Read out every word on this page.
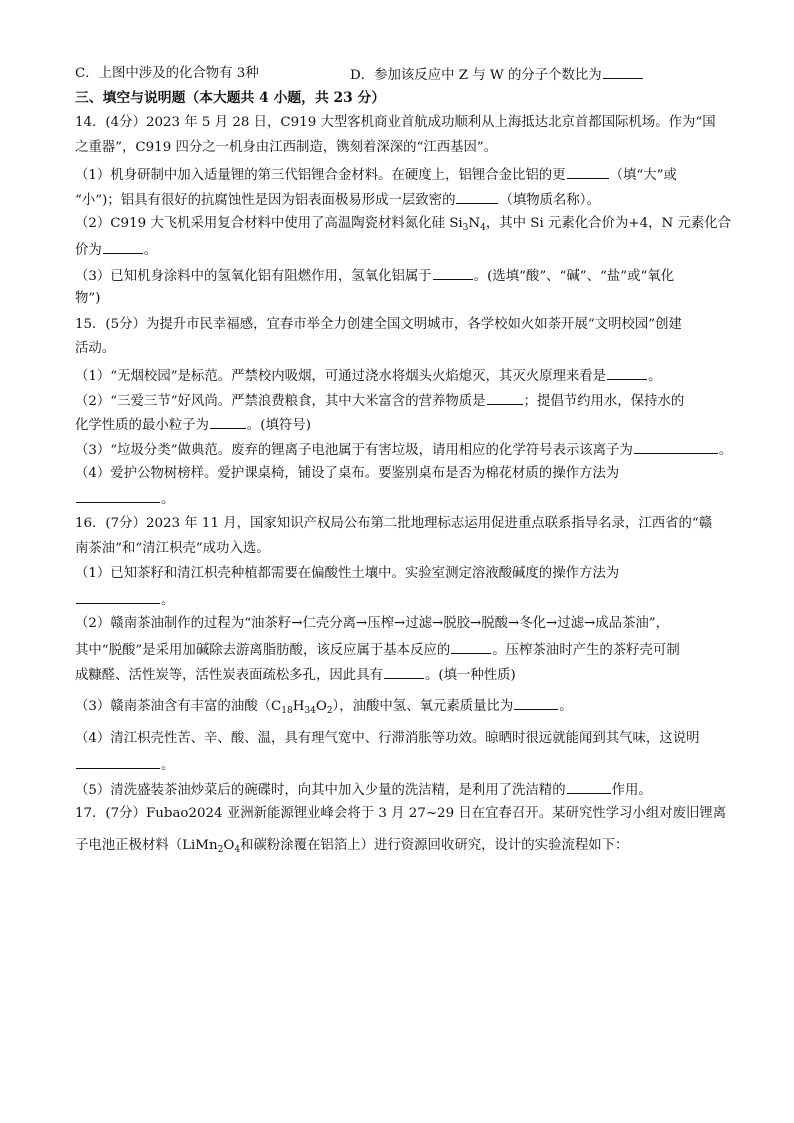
C．上图中涉及的化合物有 3种	D．参加该反应中 Z 与 W 的分子个数比为
三、填空与说明题（本大题共 4 小题，共 23 分）
14．(4分）2023 年 5 月 28 日，C919 大型客机商业首航成功顺利从上海抵达北京首都国际机场。作为“国
之重器”，C919 四分之一机身由江西制造，镌刻着深深的“江西基因”。
（1）机身研制中加入适量锂的第三代铝锂合金材料。在硬度上，铝锂合金比铝的更	（填“大”或
“小”)；铝具有很好的抗腐蚀性是因为铝表面极易形成一层致密的	（填物质名称）。
（2）C919 大飞机采用复合材料中使用了高温陶瓷材料氮化硅 $Si_3N_4$，其中 Si 元素化合价为+4，N 元素化合
价为	。
（3）已知机身涂料中的氢氧化铝有阻燃作用，氢氧化铝属于	。(选填“酸”、“碱”、“盐”或“氧化
物”)
15．(5分）为提升市民幸福感，宜春市举全力创建全国文明城市，各学校如火如荼开展“文明校园”创建
活动。
（1）“无烟校园”是标范。严禁校内吸烟，可通过浇水将烟头火焰熄灭，其灭火原理来看是	。
（2）“三爱三节”好风尚。严禁浪费粮食，其中大米富含的营养物质是	；提倡节约用水，保持水的
化学性质的最小粒子为	。(填符号)
（3）“垃圾分类”做典范。废弃的锂离子电池属于有害垃圾，请用相应的化学符号表示该离子为	。
（4）爱护公物树榜样。爱护课桌椅，铺设了桌布。要鉴别桌布是否为棉花材质的操作方法为
。
16．(7分）2023 年 11 月，国家知识产权局公布第二批地理标志运用促进重点联系指导名录，江西省的“赣
南茶油”和“清江枳壳”成功入选。
（1）已知茶籽和清江枳壳种植都需要在偏酸性土壤中。实验室测定溶液酸碱度的操作方法为
。
（2）赣南茶油制作的过程为“油茶籽→仁壳分离→压榨→过滤→脱胶→脱酸→冬化→过滤→成品茶油”，
其中“脱酸”是采用加碱除去游离脂肪酸，该反应属于基本反应的	。压榨茶油时产生的茶籽壳可制
成糠醛、活性炭等，活性炭表面疏松多孔，因此具有	。(填一种性质)
（3）赣南茶油含有丰富的油酸$(C_{18}H_{34}O_2)$，油酸中氢、氧元素质量比为	。
（4）清江枳壳性苦、辛、酸、温，具有理气宽中、行滞消胀等功效。晾晒时很远就能闻到其气味，这说明
。
（5）清洗盛装茶油炒菜后的碗碟时，向其中加入少量的洗洁精，是利用了洗洁精的	作用。
17．(7分）Fubao2024 亚洲新能源锂业峰会将于 3 月 27~29 日在宜春召开。某研究性学习小组对废旧锂离
子电池正极材料（$LiMn_2O_4$和碳粉涂覆在铝箔上）进行资源回收研究，设计的实验流程如下：
